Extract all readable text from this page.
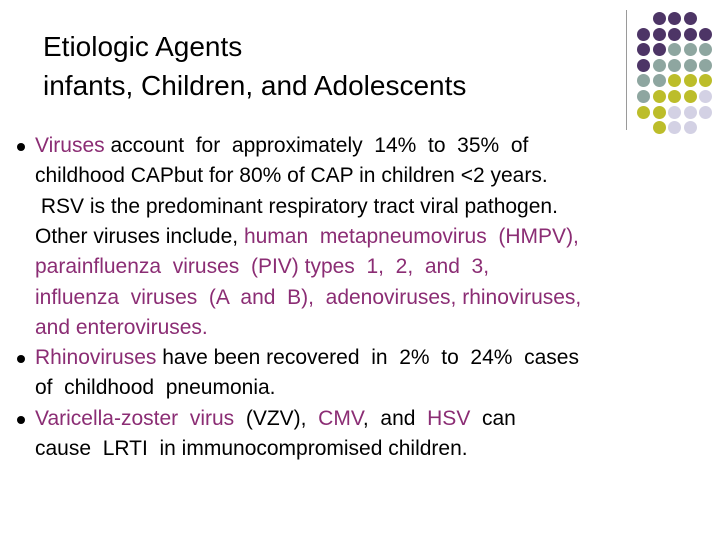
Etiologic Agents
infants, Children, and Adolescents
Viruses account  for  approximately  14%  to  35%  of
childhood CAPbut for 80% of CAP in children <2 years.
RSV is the predominant respiratory tract viral pathogen.
Other viruses include, human  metapneumovirus  (HMPV),
parainfluenza  viruses  (PIV) types  1,  2,  and  3,
influenza  viruses  (A  and  B),  adenoviruses, rhinoviruses,
and enteroviruses.
Rhinoviruses have been recovered  in  2%  to  24%  cases
of  childhood  pneumonia.
Varicella-zoster  virus  (VZV),  CMV,  and  HSV  can
cause  LRTI  in immunocompromised children.
